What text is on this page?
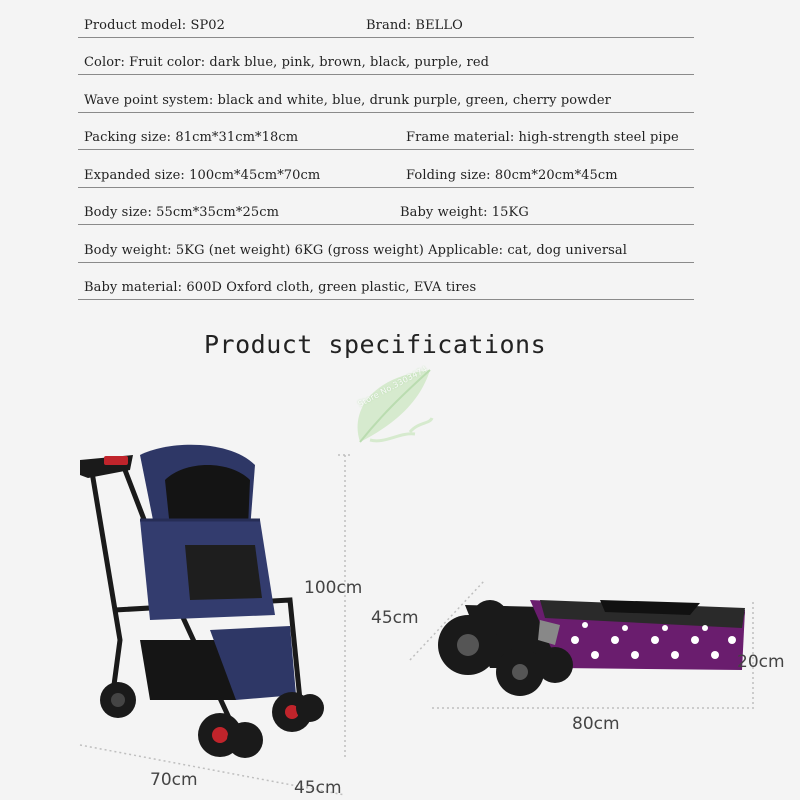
Product model: SP02	Brand: BELLO
Color: Fruit color: dark blue, pink, brown, black, purple, red
Wave point system: black and white, blue, drunk purple, green, cherry powder
Packing size: 81cm*31cm*18cm	Frame material: high-strength steel pipe
Expanded size: 100cm*45cm*70cm	Folding size: 80cm*20cm*45cm
Body size: 55cm*35cm*25cm	Baby weight: 15KG
Body weight: 5KG (net weight) 6KG (gross weight) Applicable: cat, dog universal
Baby material: 600D Oxford cloth, green plastic, EVA tires
Product specifications
Store No.3303474
100cm
45cm
20cm
80cm
70cm	45cm
